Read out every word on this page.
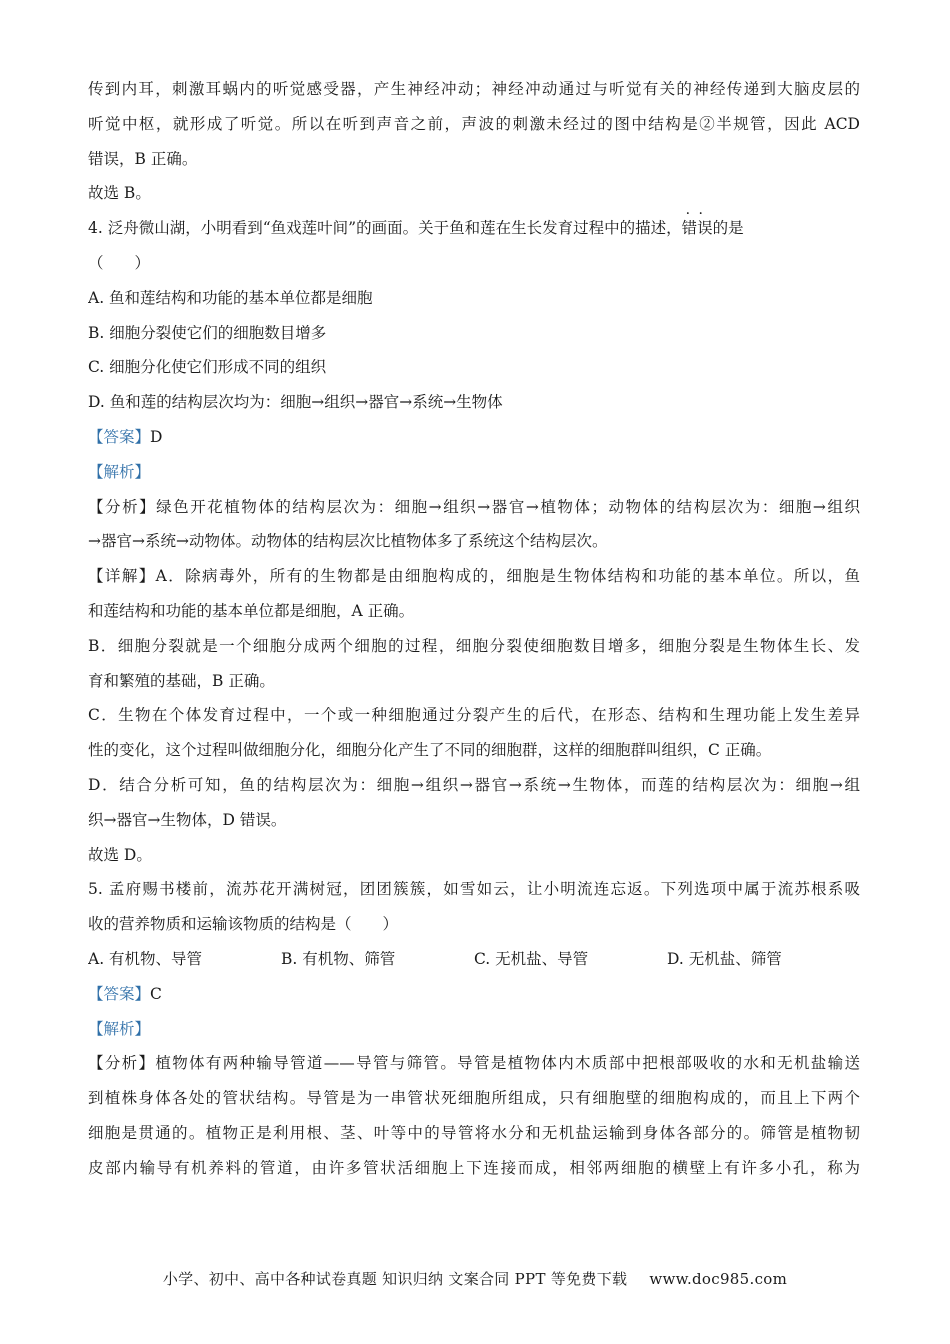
传到内耳，刺激耳蜗内的听觉感受器，产生神经冲动；神经冲动通过与听觉有关的神经传递到大脑皮层的
听觉中枢，就形成了听觉。所以在听到声音之前，声波的刺激未经过的图中结构是②半规管，因此 ACD
错误，B 正确。
故选 B。
4. 泛舟微山湖，小明看到“鱼戏莲叶间”的画面。关于鱼和莲在生长发育过程中的描述，· · 错误的是
（　　）
A. 鱼和莲结构和功能的基本单位都是细胞
B. 细胞分裂使它们的细胞数目增多
C. 细胞分化使它们形成不同的组织
D. 鱼和莲的结构层次均为：细胞→组织→器官→系统→生物体
【答案】D
【解析】
【分析】绿色开花植物体的结构层次为：细胞→组织→器官→植物体；动物体的结构层次为：细胞→组织
→器官→系统→动物体。动物体的结构层次比植物体多了系统这个结构层次。
【详解】A．除病毒外，所有的生物都是由细胞构成的，细胞是生物体结构和功能的基本单位。所以，鱼
和莲结构和功能的基本单位都是细胞，A 正确。
B．细胞分裂就是一个细胞分成两个细胞的过程，细胞分裂使细胞数目增多，细胞分裂是生物体生长、发
育和繁殖的基础，B 正确。
C．生物在个体发育过程中，一个或一种细胞通过分裂产生的后代，在形态、结构和生理功能上发生差异
性的变化，这个过程叫做细胞分化，细胞分化产生了不同的细胞群，这样的细胞群叫组织，C 正确。
D．结合分析可知，鱼的结构层次为：细胞→组织→器官→系统→生物体，而莲的结构层次为：细胞→组
织→器官→生物体，D 错误。
故选 D。
5. 孟府赐书楼前，流苏花开满树冠，团团簇簇，如雪如云，让小明流连忘返。下列选项中属于流苏根系吸
收的营养物质和运输该物质的结构是（　　）
A. 有机物、导管	B. 有机物、筛管	C. 无机盐、导管	D. 无机盐、筛管
【答案】C
【解析】
【分析】植物体有两种输导管道——导管与筛管。导管是植物体内木质部中把根部吸收的水和无机盐输送
到植株身体各处的管状结构。导管是为一串管状死细胞所组成，只有细胞壁的细胞构成的，而且上下两个
细胞是贯通的。植物正是利用根、茎、叶等中的导管将水分和无机盐运输到身体各部分的。筛管是植物韧
皮部内输导有机养料的管道，由许多管状活细胞上下连接而成，相邻两细胞的横壁上有许多小孔，称为
小学、初中、高中各种试卷真题 知识归纳 文案合同 PPT 等免费下载 www.doc985.com
